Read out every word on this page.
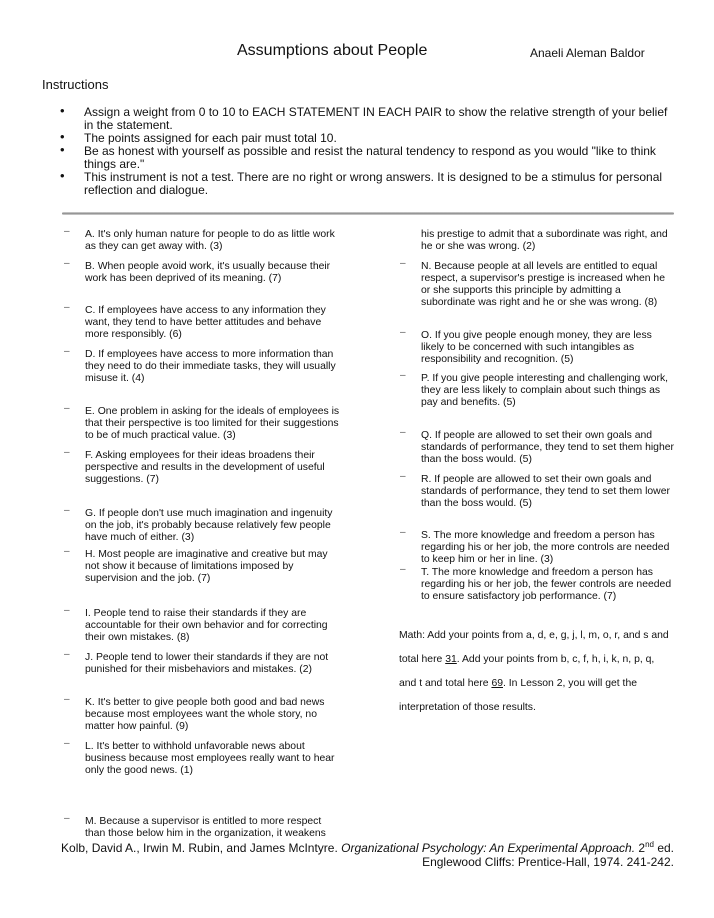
Assumptions about People	Anaeli Aleman Baldor
Instructions
• Assign a weight from 0 to 10 to EACH STATEMENT IN EACH PAIR to show the relative strength of your belief in the statement.
• The points assigned for each pair must total 10.
• Be as honest with yourself as possible and resist the natural tendency to respond as you would "like to think things are."
• This instrument is not a test. There are no right or wrong answers. It is designed to be a stimulus for personal reflection and dialogue.
– A. It's only human nature for people to do as little work as they can get away with. (3)
– B. When people avoid work, it's usually because their work has been deprived of its meaning. (7)
– C. If employees have access to any information they want, they tend to have better attitudes and behave more responsibly. (6)
– D. If employees have access to more information than they need to do their immediate tasks, they will usually misuse it. (4)
– E. One problem in asking for the ideals of employees is that their perspective is too limited for their suggestions to be of much practical value. (3)
– F. Asking employees for their ideas broadens their perspective and results in the development of useful suggestions. (7)
– G. If people don't use much imagination and ingenuity on the job, it's probably because relatively few people have much of either. (3)
– H. Most people are imaginative and creative but may not show it because of limitations imposed by supervision and the job. (7)
– I. People tend to raise their standards if they are accountable for their own behavior and for correcting their own mistakes. (8)
– J. People tend to lower their standards if they are not punished for their misbehaviors and mistakes. (2)
– K. It's better to give people both good and bad news because most employees want the whole story, no matter how painful. (9)
– L. It's better to withhold unfavorable news about business because most employees really want to hear only the good news. (1)
– M. Because a supervisor is entitled to more respect than those below him in the organization, it weakens
his prestige to admit that a subordinate was right, and he or she was wrong. (2)
– N. Because people at all levels are entitled to equal respect, a supervisor's prestige is increased when he or she supports this principle by admitting a subordinate was right and he or she was wrong. (8)
– O. If you give people enough money, they are less likely to be concerned with such intangibles as responsibility and recognition. (5)
– P. If you give people interesting and challenging work, they are less likely to complain about such things as pay and benefits. (5)
– Q. If people are allowed to set their own goals and standards of performance, they tend to set them higher than the boss would. (5)
– R. If people are allowed to set their own goals and standards of performance, they tend to set them lower than the boss would. (5)
– S. The more knowledge and freedom a person has regarding his or her job, the more controls are needed to keep him or her in line. (3)
– T. The more knowledge and freedom a person has regarding his or her job, the fewer controls are needed to ensure satisfactory job performance. (7)
Math: Add your points from a, d, e, g, j, l, m, o, r, and s and
total here 31. Add your points from b, c, f, h, i, k, n, p, q,
and t and total here 69. In Lesson 2, you will get the
interpretation of those results.
Kolb, David A., Irwin M. Rubin, and James McIntyre. Organizational Psychology: An Experimental Approach. 2nd ed.
Englewood Cliffs: Prentice-Hall, 1974. 241-242.
